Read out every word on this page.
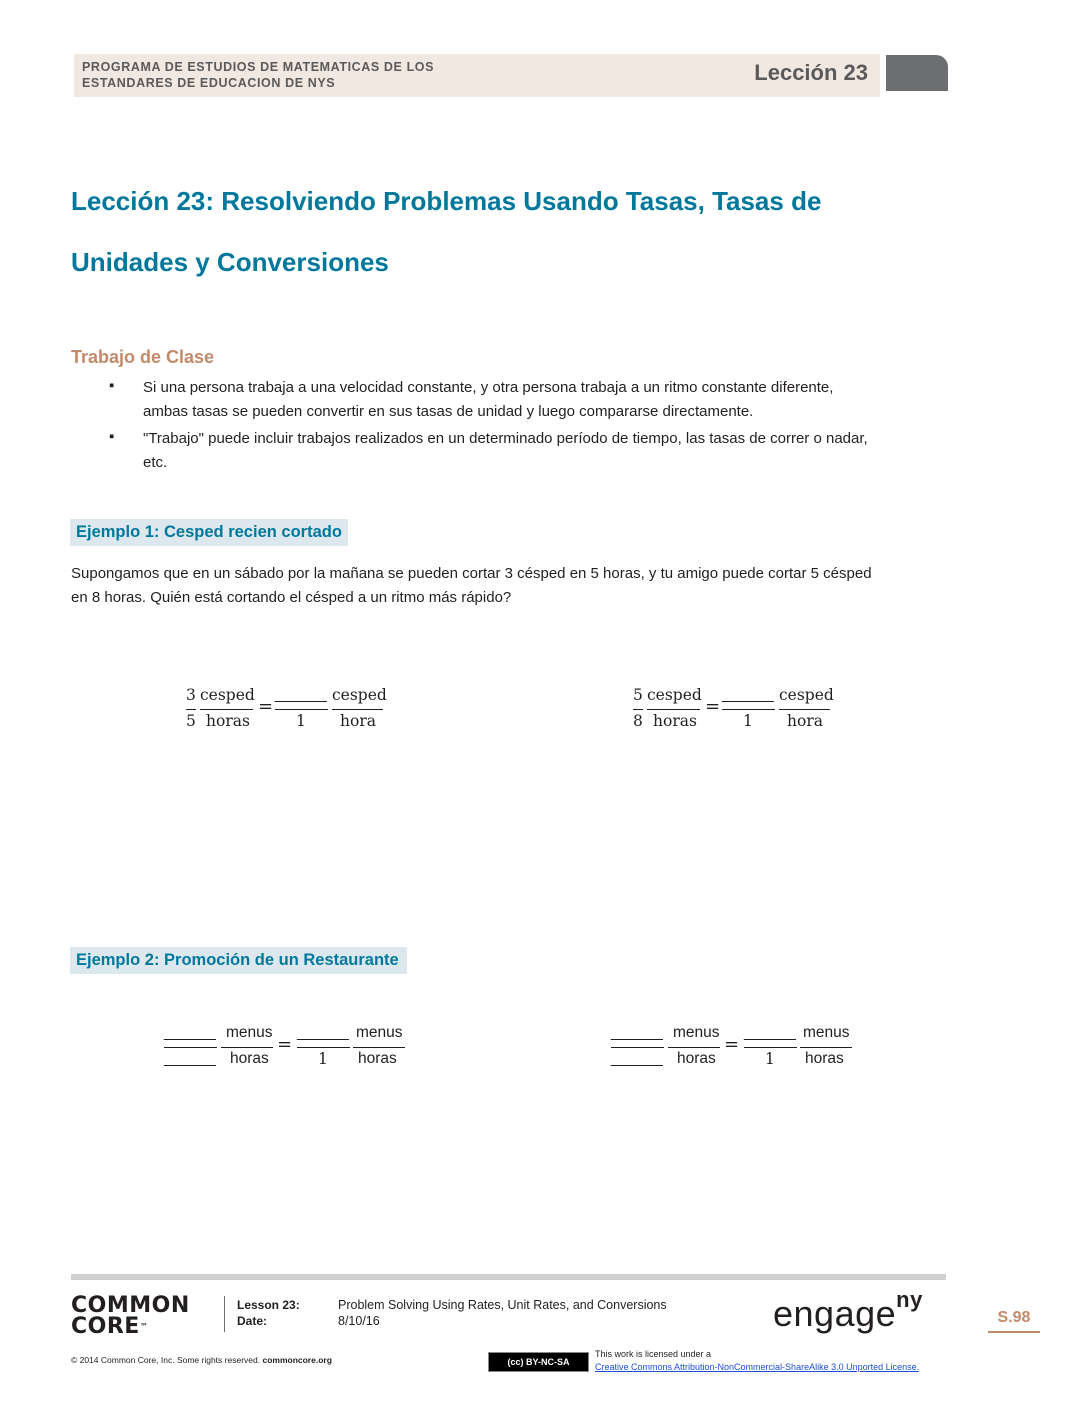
PROGRAMA DE ESTUDIOS DE MATEMATICAS DE LOS
ESTANDARES DE EDUCACION DE NYS	Lección 23
Lección 23: Resolviendo Problemas Usando Tasas, Tasas de
Unidades y Conversiones
Trabajo de Clase
▪ Si una persona trabaja a una velocidad constante, y otra persona trabaja a un ritmo constante diferente,
ambas tasas se pueden convertir en sus tasas de unidad y luego compararse directamente.
▪ "Trabajo" puede incluir trabajos realizados en un determinado período de tiempo, las tasas de correr o nadar,
etc.
Ejemplo 1: Cesped recien cortado
Supongamos que en un sábado por la mañana se pueden cortar 3 césped en 5 horas, y tu amigo puede cortar 5 césped
en 8 horas. Quién está cortando el césped a un ritmo más rápido?
3
5
cesped
horas
=
______
1
cesped
hora
5
8
cesped
horas
=
______
1
cesped
hora
Ejemplo 2: Promoción de un Restaurante
______
______
menus
horas
=
______
1
menus
horas
______
______
menus
horas
=
______
1
menus
horas
COMMON
CORE™
Lesson 23:	Problem Solving Using Rates, Unit Rates, and Conversions
Date:	8/10/16	engage$^{ny}$
S.98
© 2014 Common Core, Inc. Some rights reserved. commoncore.org	(cc) BY-NC-SA
This work is licensed under a
Creative Commons Attribution-NonCommercial-ShareAlike 3.0 Unported License.
